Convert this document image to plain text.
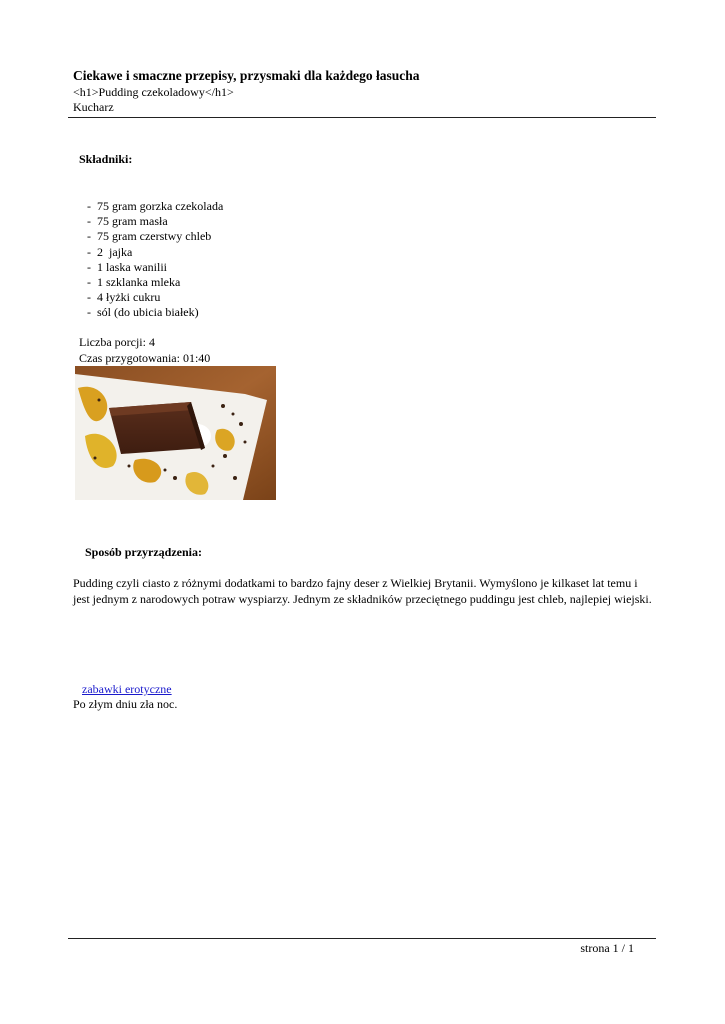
Ciekawe i smaczne przepisy, przysmaki dla każdego łasucha
<h1>Pudding czekoladowy</h1>
Kucharz
Składniki:
-  75 gram gorzka czekolada
-  75 gram masła
-  75 gram czerstwy chleb
-  2  jajka
-  1 laska wanilii
-  1 szklanka mleka
-  4 łyżki cukru
-  sól (do ubicia białek)
Liczba porcji: 4
Czas przygotowania: 01:40
Sposób przyrządzenia:
Pudding czyli ciasto z różnymi dodatkami to bardzo fajny deser z Wielkiej Brytanii. Wymyślono je kilkaset lat temu i jest jednym z narodowych potraw wyspiarzy. Jednym ze składników przeciętnego puddingu jest chleb, najlepiej wiejski.
zabawki erotyczne
Po złym dniu zła noc.
strona 1 / 1
